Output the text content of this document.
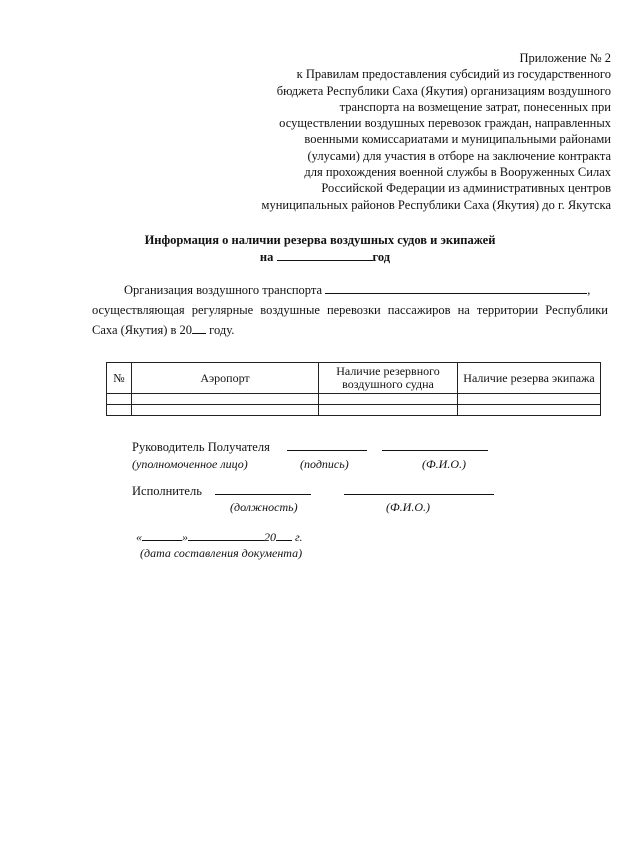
Приложение № 2
к Правилам предоставления субсидий из государственного
бюджета Республики Саха (Якутия) организациям воздушного
транспорта на возмещение затрат, понесенных при
осуществлении воздушных перевозок граждан, направленных
военными комиссариатами и муниципальными районами
(улусами) для участия в отборе на заключение контракта
для прохождения военной службы в Вооруженных Силах
Российской Федерации из административных центров
муниципальных районов Республики Саха (Якутия) до г. Якутска
Информация о наличии резерва воздушных судов и экипажей
на	год
Организация воздушного транспорта	,
осуществляющая регулярные воздушные перевозки пассажиров на территории Республики Саха (Якутия) в 20 году.
№	Аэропорт	Наличие резервного воздушного судна	Наличие резерва экипажа

Руководитель Получателя
(уполномоченное лицо)	(подпись)	(Ф.И.О.)
Исполнитель
(должность)	(Ф.И.О.)
«	»	20 г.
(дата составления документа)
